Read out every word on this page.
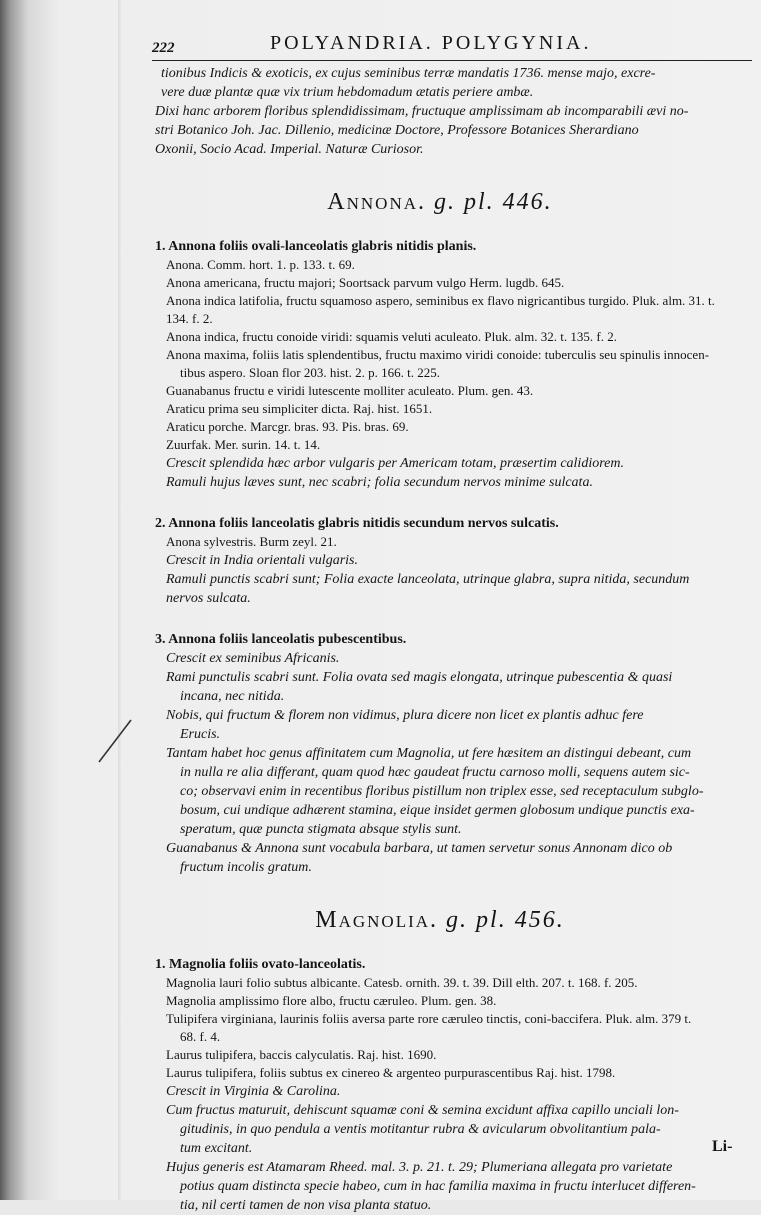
222	POLYANDRIA. POLYGYNIA.
tionibus Indicis & exoticis, ex cujus seminibus terræ mandatis 1736. mense majo, excre-
vere duæ plantæ quæ vix trium hebdomadum ætatis periere ambæ.
Dixi hanc arborem floribus splendidissimam, fructuque amplissimam ab incomparabili ævi no-
stri Botanico Joh. Jac. Dillenio, medicinæ Doctore, Professore Botanices Sherardiano
Oxonii, Socio Acad. Imperial. Naturæ Curiosor.
Annona. g. pl. 446.
1. Annona foliis ovali-lanceolatis glabris nitidis planis.
Anona. Comm. hort. 1. p. 133. t. 69.
Anona americana, fructu majori; Soortsack parvum vulgo Herm. lugdb. 645.
Anona indica latifolia, fructu squamoso aspero, seminibus ex flavo nigricantibus turgido. Pluk. alm. 31. t.
134. f. 2.
Anona indica, fructu conoide viridi: squamis veluti aculeato. Pluk. alm. 32. t. 135. f. 2.
Anona maxima, foliis latis splendentibus, fructu maximo viridi conoide: tuberculis seu spinulis innocen-
tibus aspero. Sloan flor 203. hist. 2. p. 166. t. 225.
Guanabanus fructu e viridi lutescente molliter aculeato. Plum. gen. 43.
Araticu prima seu simpliciter dicta. Raj. hist. 1651.
Araticu porche. Marcgr. bras. 93. Pis. bras. 69.
Zuurfak. Mer. surin. 14. t. 14.
Crescit splendida hæc arbor vulgaris per Americam totam, præsertim calidiorem.
Ramuli hujus læves sunt, nec scabri; folia secundum nervos minime sulcata.
2. Annona foliis lanceolatis glabris nitidis secundum nervos sulcatis.
Anona sylvestris. Burm zeyl. 21.
Crescit in India orientali vulgaris.
Ramuli punctis scabri sunt; Folia exacte lanceolata, utrinque glabra, supra nitida, secundum
nervos sulcata.
3. Annona foliis lanceolatis pubescentibus.
Crescit ex seminibus Africanis.
Rami punctulis scabri sunt. Folia ovata sed magis elongata, utrinque pubescentia & quasi
incana, nec nitida.
Nobis, qui fructum & florem non vidimus, plura dicere non licet ex plantis adhuc fere
Erucis.
Tantam habet hoc genus affinitatem cum Magnolia, ut fere hæsitem an distingui debeant, cum
in nulla re alia differant, quam quod hæc gaudeat fructu carnoso molli, sequens autem sic-
co; observavi enim in recentibus floribus pistillum non triplex esse, sed receptaculum subglo-
bosum, cui undique adhærent stamina, eique insidet germen globosum undique punctis exa-
speratum, quæ puncta stigmata absque stylis sunt.
Guanabanus & Annona sunt vocabula barbara, ut tamen servetur sonus Annonam dico ob
fructum incolis gratum.
Magnolia. g. pl. 456.
1. Magnolia foliis ovato-lanceolatis.
Magnolia lauri folio subtus albicante. Catesb. ornith. 39. t. 39. Dill elth. 207. t. 168. f. 205.
Magnolia amplissimo flore albo, fructu cæruleo. Plum. gen. 38.
Tulipifera virginiana, laurinis foliis aversa parte rore cæruleo tinctis, coni-baccifera. Pluk. alm. 379 t.
68. f. 4.
Laurus tulipifera, baccis calyculatis. Raj. hist. 1690.
Laurus tulipifera, foliis subtus ex cinereo & argenteo purpurascentibus Raj. hist. 1798.
Crescit in Virginia & Carolina.
Cum fructus maturuit, dehiscunt squamæ coni & semina excidunt affixa capillo unciali lon-
gitudinis, in quo pendula a ventis motitantur rubra & avicularum obvolitantium pala-
tum excitant.
Hujus generis est Atamaram Rheed. mal. 3. p. 21. t. 29; Plumeriana allegata pro varietate
potius quam distincta specie habeo, cum in hac familia maxima in fructu interlucet differen-
tia, nil certi tamen de non visa planta statuo.
Li-
